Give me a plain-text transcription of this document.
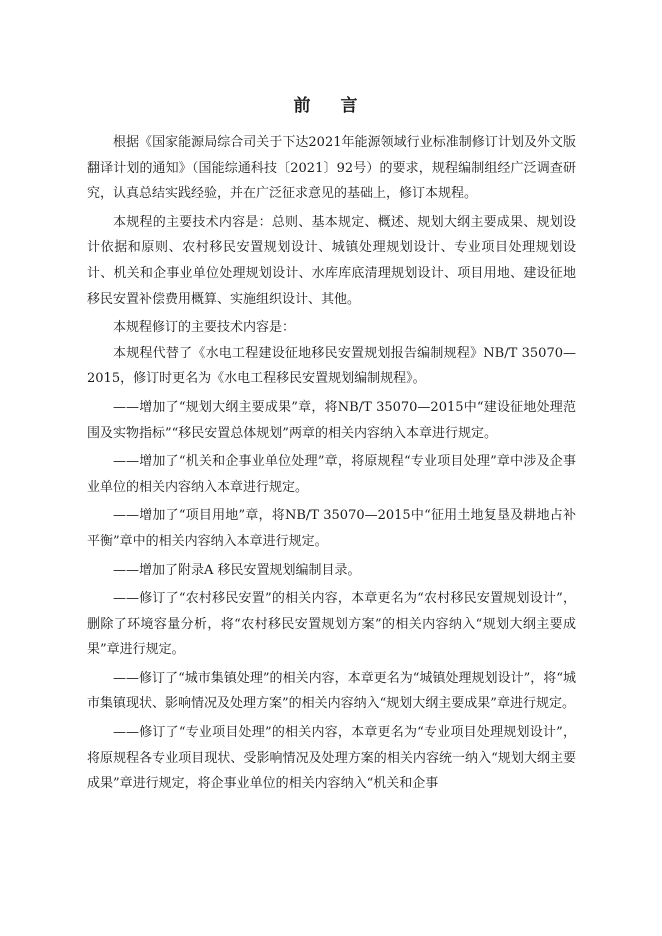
前 言

根据《国家能源局综合司关于下达2021年能源领域行业标准制修订计划及外文版翻译计划的通知》（国能综通科技〔2021〕92号）的要求，规程编制组经广泛调查研究，认真总结实践经验，并在广泛征求意见的基础上，修订本规程。

本规程的主要技术内容是：总则、基本规定、概述、规划大纲主要成果、规划设计依据和原则、农村移民安置规划设计、城镇处理规划设计、专业项目处理规划设计、机关和企事业单位处理规划设计、水库库底清理规划设计、项目用地、建设征地移民安置补偿费用概算、实施组织设计、其他。

本规程修订的主要技术内容是：

本规程代替了《水电工程建设征地移民安置规划报告编制规程》NB/T 35070—2015，修订时更名为《水电工程移民安置规划编制规程》。

——增加了“规划大纲主要成果”章，将NB/T 35070—2015中“建设征地处理范围及实物指标”“移民安置总体规划”两章的相关内容纳入本章进行规定。

——增加了“机关和企事业单位处理”章，将原规程“专业项目处理”章中涉及企事业单位的相关内容纳入本章进行规定。

——增加了“项目用地”章，将NB/T 35070—2015中“征用土地复垦及耕地占补平衡”章中的相关内容纳入本章进行规定。

——增加了附录A 移民安置规划编制目录。

——修订了“农村移民安置”的相关内容，本章更名为“农村移民安置规划设计”，删除了环境容量分析，将“农村移民安置规划方案”的相关内容纳入“规划大纲主要成果”章进行规定。

——修订了“城市集镇处理”的相关内容，本章更名为“城镇处理规划设计”，将“城市集镇现状、影响情况及处理方案”的相关内容纳入“规划大纲主要成果”章进行规定。

——修订了“专业项目处理”的相关内容，本章更名为“专业项目处理规划设计”，将原规程各专业项目现状、受影响情况及处理方案的相关内容统一纳入“规划大纲主要成果”章进行规定，将企事业单位的相关内容纳入“机关和企事
